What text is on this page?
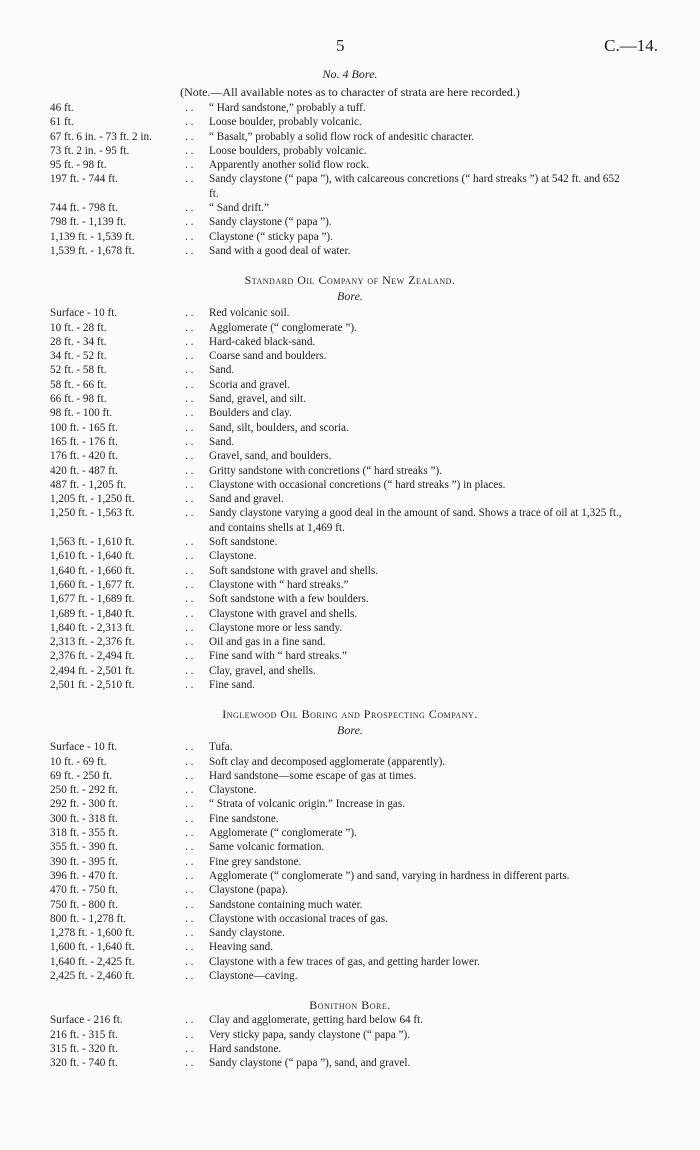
5	C.—14.
No. 4 Bore.
(Note.—All available notes as to character of strata are here recorded.)
46 ft.	. . “ Hard sandstone,” probably a tuff.
61 ft.	. . Loose boulder, probably volcanic.
67 ft. 6 in. - 73 ft. 2 in.	. . “ Basalt,” probably a solid flow rock of andesitic character.
73 ft. 2 in. - 95 ft.	. . Loose boulders, probably volcanic.
95 ft. - 98 ft.	. . Apparently another solid flow rock.
197 ft. - 744 ft.	. . Sandy claystone (“ papa ”), with calcareous concretions (“ hard streaks ”) at 542 ft. and 652 ft.
744 ft. - 798 ft.	. . “ Sand drift.”
798 ft. - 1,139 ft.	. . Sandy claystone (“ papa ”).
1,139 ft. - 1,539 ft.	. . Claystone (“ sticky papa ”).
1,539 ft. - 1,678 ft.	. . Sand with a good deal of water.
Standard Oil Company of New Zealand.
Bore.
Surface - 10 ft.	. . Red volcanic soil.
10 ft. - 28 ft.	. . Agglomerate (“ conglomerate ”).
28 ft. - 34 ft.	. . Hard-caked black-sand.
34 ft. - 52 ft.	. . Coarse sand and boulders.
52 ft. - 58 ft.	. . Sand.
58 ft. - 66 ft.	. . Scoria and gravel.
66 ft. - 98 ft.	. . Sand, gravel, and silt.
98 ft. - 100 ft.	. . Boulders and clay.
100 ft. - 165 ft.	. . Sand, silt, boulders, and scoria.
165 ft. - 176 ft.	. . Sand.
176 ft. - 420 ft.	. . Gravel, sand, and boulders.
420 ft. - 487 ft.	. . Gritty sandstone with concretions (“ hard streaks ”).
487 ft. - 1,205 ft.	. . Claystone with occasional concretions (“ hard streaks ”) in places.
1,205 ft. - 1,250 ft.	. . Sand and gravel.
1,250 ft. - 1,563 ft.	. . Sandy claystone varying a good deal in the amount of sand. Shows a trace of oil at 1,325 ft., and contains shells at 1,469 ft.
1,563 ft. - 1,610 ft.	. . Soft sandstone.
1,610 ft. - 1,640 ft.	. . Claystone.
1,640 ft. - 1,660 ft.	. . Soft sandstone with gravel and shells.
1,660 ft. - 1,677 ft.	. . Claystone with “ hard streaks.”
1,677 ft. - 1,689 ft.	. . Soft sandstone with a few boulders.
1,689 ft. - 1,840 ft.	. . Claystone with gravel and shells.
1,840 ft. - 2,313 ft.	. . Claystone more or less sandy.
2,313 ft. - 2,376 ft.	. . Oil and gas in a fine sand.
2,376 ft. - 2,494 ft.	. . Fine sand with “ hard streaks.”
2,494 ft. - 2,501 ft.	. . Clay, gravel, and shells.
2,501 ft. - 2,510 ft.	. . Fine sand.
Inglewood Oil Boring and Prospecting Company.
Bore.
Surface - 10 ft.	. . Tufa.
10 ft. - 69 ft.	. . Soft clay and decomposed agglomerate (apparently).
69 ft. - 250 ft.	. . Hard sandstone—some escape of gas at times.
250 ft. - 292 ft.	. . Claystone.
292 ft. - 300 ft.	. . “ Strata of volcanic origin.” Increase in gas.
300 ft. - 318 ft.	. . Fine sandstone.
318 ft. - 355 ft.	. . Agglomerate (“ conglomerate ”).
355 ft. - 390 ft.	. . Same volcanic formation.
390 ft. - 395 ft.	. . Fine grey sandstone.
396 ft. - 470 ft.	. . Agglomerate (“ conglomerate ”) and sand, varying in hardness in different parts.
470 ft. - 750 ft.	. . Claystone (papa).
750 ft. - 800 ft.	. . Sandstone containing much water.
800 ft. - 1,278 ft.	. . Claystone with occasional traces of gas.
1,278 ft. - 1,600 ft.	. . Sandy claystone.
1,600 ft. - 1,640 ft.	. . Heaving sand.
1,640 ft. - 2,425 ft.	. . Claystone with a few traces of gas, and getting harder lower.
2,425 ft. - 2,460 ft.	. . Claystone—caving.
Bonithon Bore.
Surface - 216 ft.	. . Clay and agglomerate, getting hard below 64 ft.
216 ft. - 315 ft.	. . Very sticky papa, sandy claystone (“ papa ”).
315 ft. - 320 ft.	. . Hard sandstone.
320 ft. - 740 ft.	. . Sandy claystone (“ papa ”), sand, and gravel.
